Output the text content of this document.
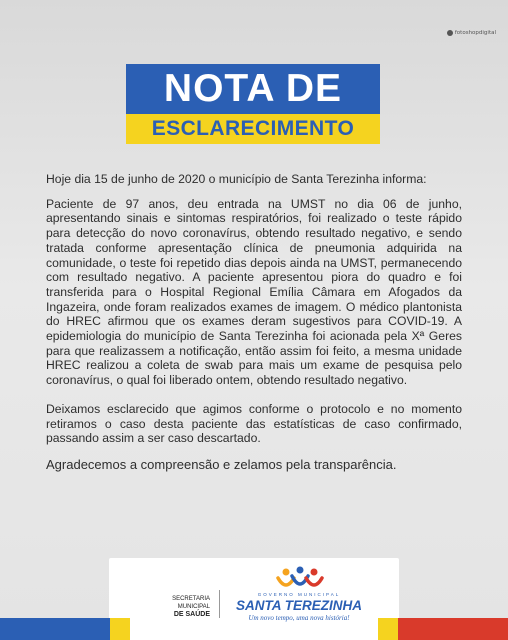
fotoshopdigital
NOTA DE
ESCLARECIMENTO

Hoje dia 15 de junho de 2020 o município de Santa Terezinha informa:

Paciente de 97 anos, deu entrada na UMST no dia 06 de junho, apresentando sinais e sintomas respiratórios, foi realizado o teste rápido para detecção do novo coronavírus, obtendo resultado negativo, e sendo tratada conforme apresentação clínica de pneumonia adquirida na comunidade, o teste foi repetido dias depois ainda na UMST, permanecendo com resultado negativo. A paciente apresentou piora do quadro e foi transferida para o Hospital Regional Emília Câmara em Afogados da Ingazeira, onde foram realizados exames de imagem. O médico plantonista do HREC afirmou que os exames deram sugestivos para COVID-19. A epidemiologia do município de Santa Terezinha foi acionada pela Xª Geres para que realizassem a notificação, então assim foi feito, a mesma unidade HREC realizou a coleta de swab para mais um exame de pesquisa pelo coronavírus, o qual foi liberado ontem, obtendo resultado negativo.

Deixamos esclarecido que agimos conforme o protocolo e no momento retiramos o caso desta paciente das estatísticas de caso confirmado, passando assim a ser caso descartado.

Agradecemos a compreensão e zelamos pela transparência.

SECRETARIA MUNICIPAL
DE SAÚDE
GOVERNO MUNICIPAL
SANTA TEREZINHA
Um novo tempo, uma nova história!
